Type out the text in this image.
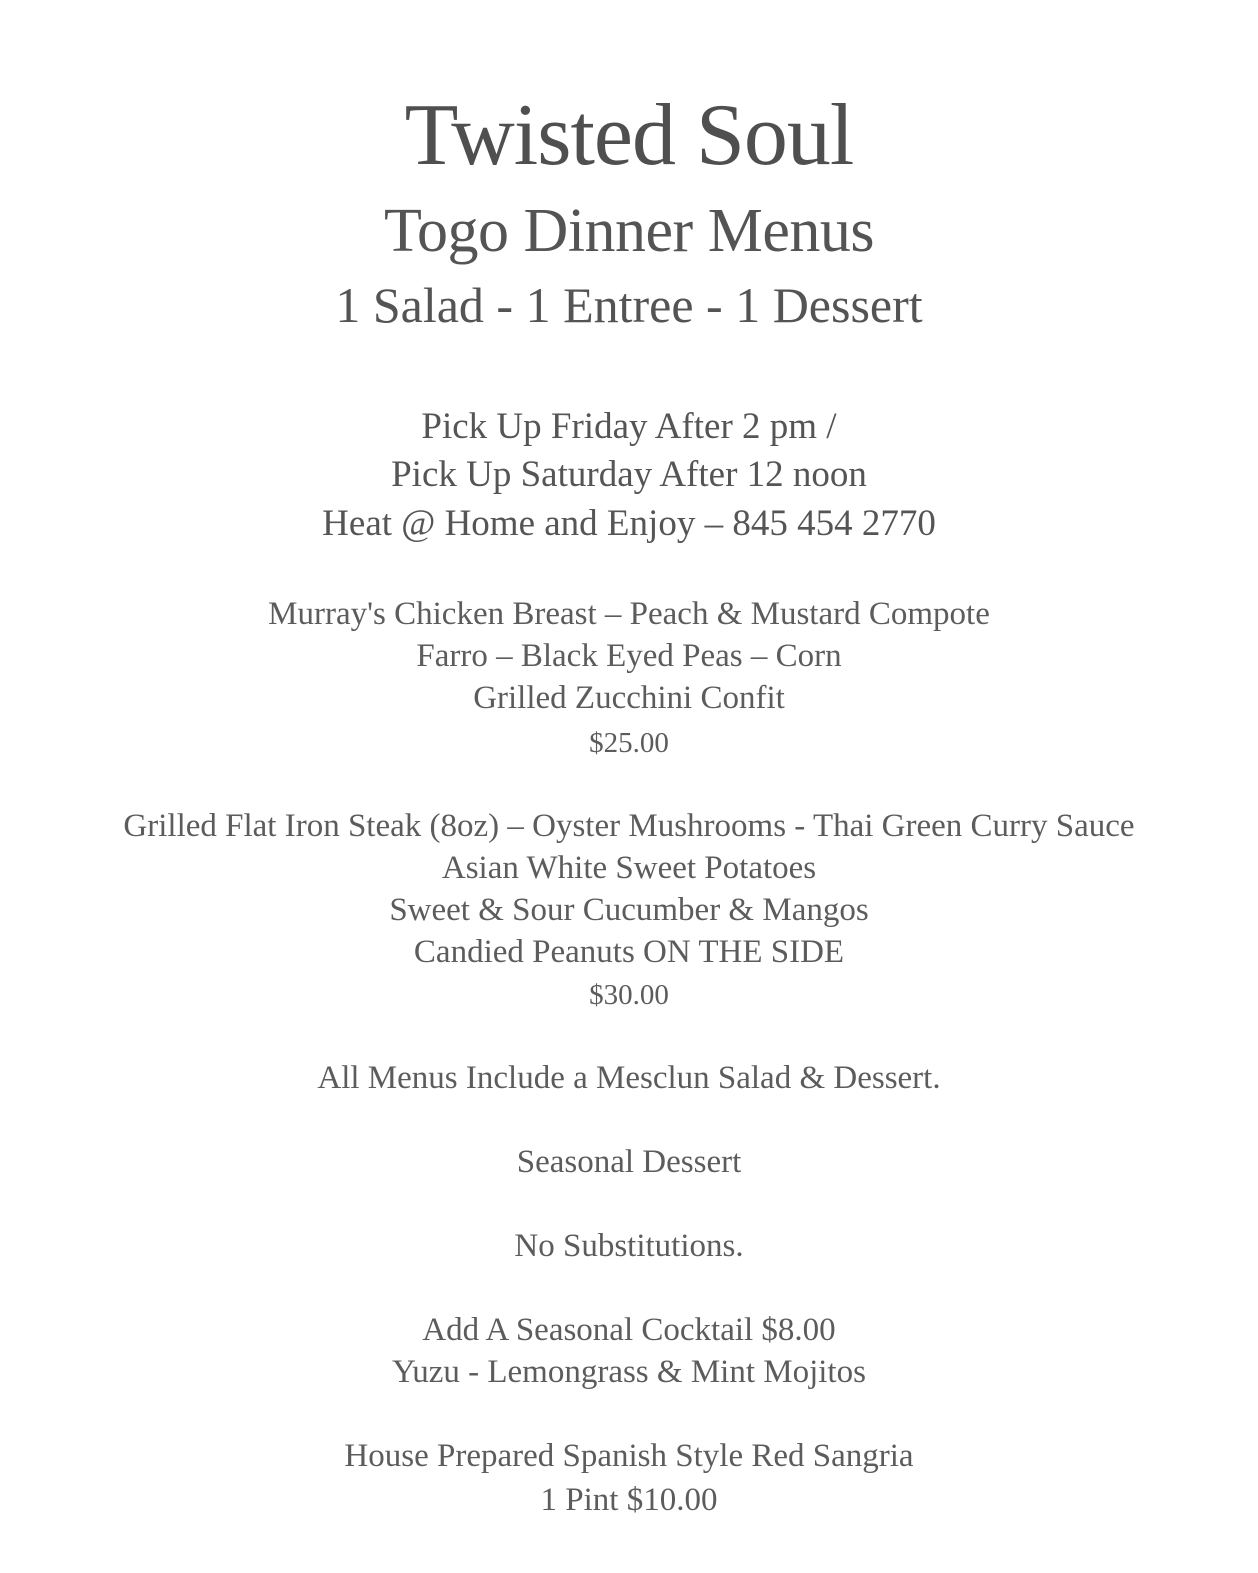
Twisted Soul
Togo Dinner Menus
1 Salad - 1 Entree - 1 Dessert
Pick Up Friday After 2 pm /
Pick Up Saturday After 12 noon
Heat @ Home and Enjoy – 845 454 2770
Murray's Chicken Breast – Peach & Mustard Compote
Farro – Black Eyed Peas – Corn
Grilled Zucchini Confit
$25.00
Grilled Flat Iron Steak (8oz) – Oyster Mushrooms - Thai Green Curry Sauce
Asian White Sweet Potatoes
Sweet & Sour Cucumber & Mangos
Candied Peanuts ON THE SIDE
$30.00
All Menus Include a Mesclun Salad & Dessert.
Seasonal Dessert
No Substitutions.
Add A Seasonal Cocktail $8.00
Yuzu - Lemongrass & Mint Mojitos
House Prepared Spanish Style Red Sangria
1 Pint $10.00
